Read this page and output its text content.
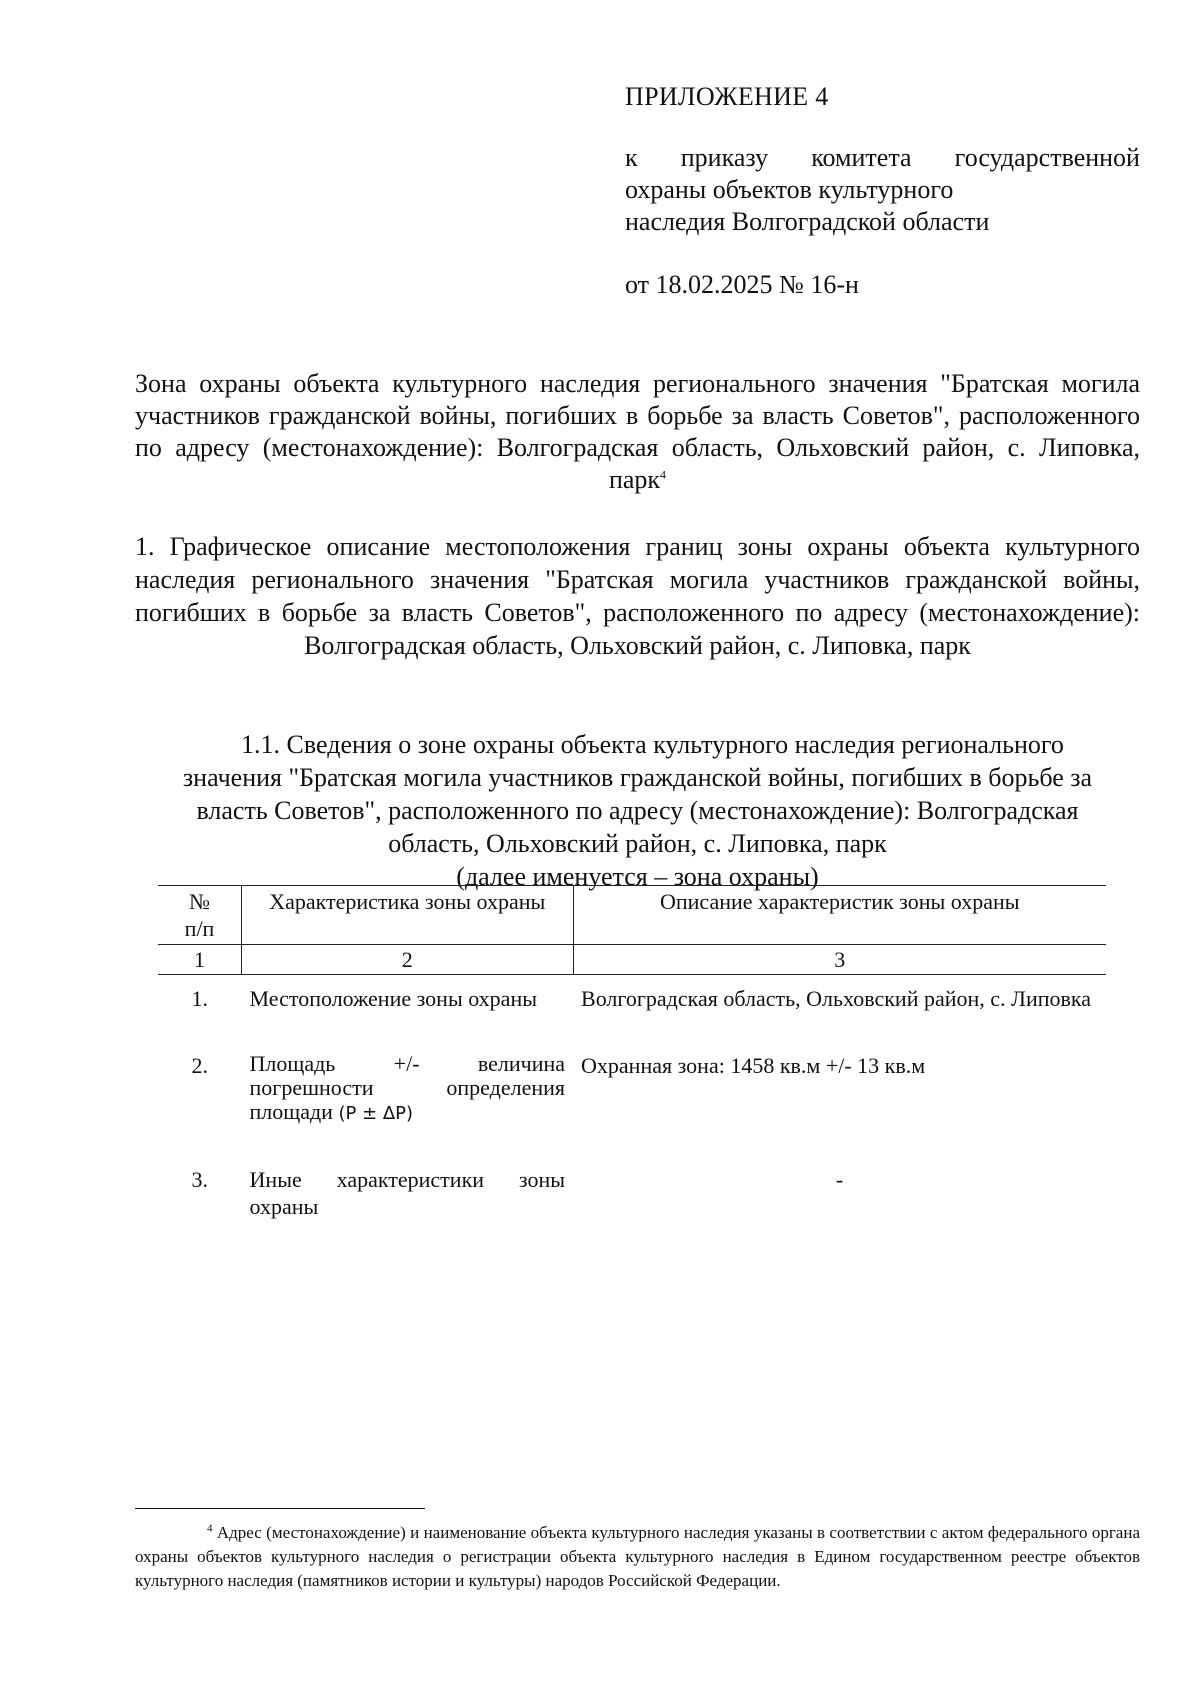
ПРИЛОЖЕНИЕ 4
к приказу комитета государственной
охраны объектов культурного
наследия Волгоградской области
от 18.02.2025 № 16-н
Зона охраны объекта культурного наследия регионального значения "Братская могила участников гражданской войны, погибших в борьбе за власть Советов", расположенного по адресу (местонахождение): Волгоградская область, Ольховский район, с. Липовка, парк$^4$
1. Графическое описание местоположения границ зоны охраны объекта культурного наследия регионального значения "Братская могила участников гражданской войны, погибших в борьбе за власть Советов", расположенного по адресу (местонахождение): Волгоградская область, Ольховский район, с. Липовка, парк
1.1. Сведения о зоне охраны объекта культурного наследия регионального
значения "Братская могила участников гражданской войны, погибших в борьбе за
власть Советов", расположенного по адресу (местонахождение): Волгоградская
область, Ольховский район, с. Липовка, парк
(далее именуется – зона охраны)
№ п/п	Характеристика зоны охраны	Описание характеристик зоны охраны
1	2	3
1.	Местоположение зоны охраны	Волгоградская область, Ольховский район, с. Липовка
2.	Площадь +/- величина погрешности определения площади (P ± ΔP)	Охранная зона: 1458 кв.м +/- 13 кв.м
3.	Иные характеристики зоны охраны	-
$^4$ Адрес (местонахождение) и наименование объекта культурного наследия указаны в соответствии с актом федерального органа охраны объектов культурного наследия о регистрации объекта культурного наследия в Едином государственном реестре объектов культурного наследия (памятников истории и культуры) народов Российской Федерации.
